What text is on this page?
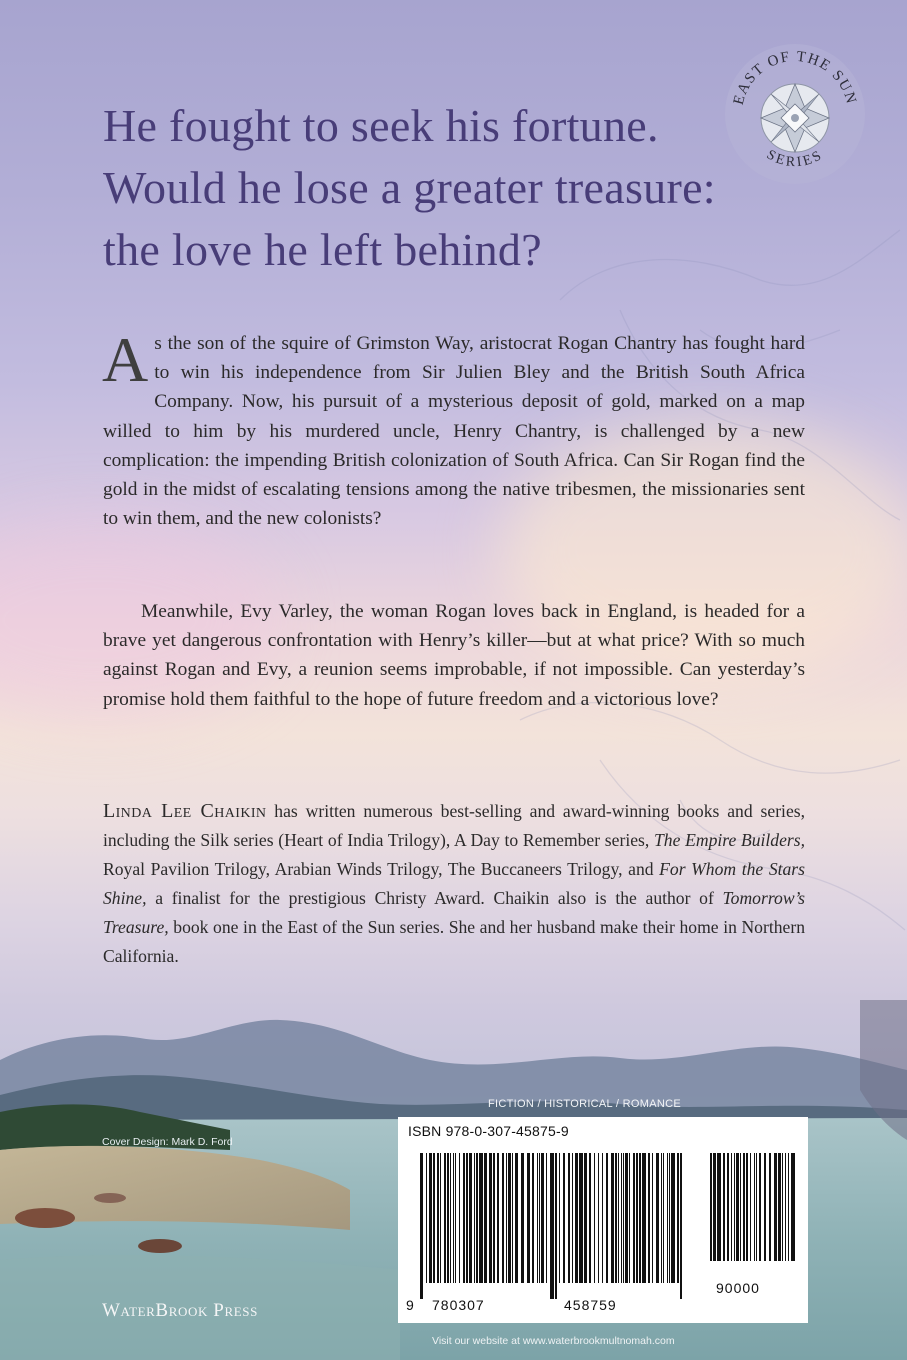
He fought to seek his fortune.
Would he lose a greater treasure:
the love he left behind?
EAST OF THE SUN
SERIES

As the son of the squire of Grimston Way, aristocrat Rogan Chantry has fought hard to win his independence from Sir Julien Bley and the British South Africa Company. Now, his pursuit of a mysterious deposit of gold, marked on a map willed to him by his murdered uncle, Henry Chantry, is challenged by a new complication: the impending British colonization of South Africa. Can Sir Rogan find the gold in the midst of escalating tensions among the native tribesmen, the missionaries sent to win them, and the new colonists?

Meanwhile, Evy Varley, the woman Rogan loves back in England, is headed for a brave yet dangerous confrontation with Henry’s killer—but at what price? With so much against Rogan and Evy, a reunion seems improbable, if not impossible. Can yesterday’s promise hold them faithful to the hope of future freedom and a victorious love?

Linda Lee Chaikin has written numerous best-selling and award-winning books and series, including the Silk series (Heart of India Trilogy), A Day to Remember series, The Empire Builders, Royal Pavilion Trilogy, Arabian Winds Trilogy, The Buccaneers Trilogy, and For Whom the Stars Shine, a finalist for the prestigious Christy Award. Chaikin also is the author of Tomorrow’s Treasure, book one in the East of the Sun series. She and her husband make their home in Northern California.

Cover Design: Mark D. Ford
FICTION / HISTORICAL / ROMANCE
ISBN 978-0-307-45875-9
9 780307	458759
90000
WaterBrook Press
Visit our website at www.waterbrookmultnomah.com
